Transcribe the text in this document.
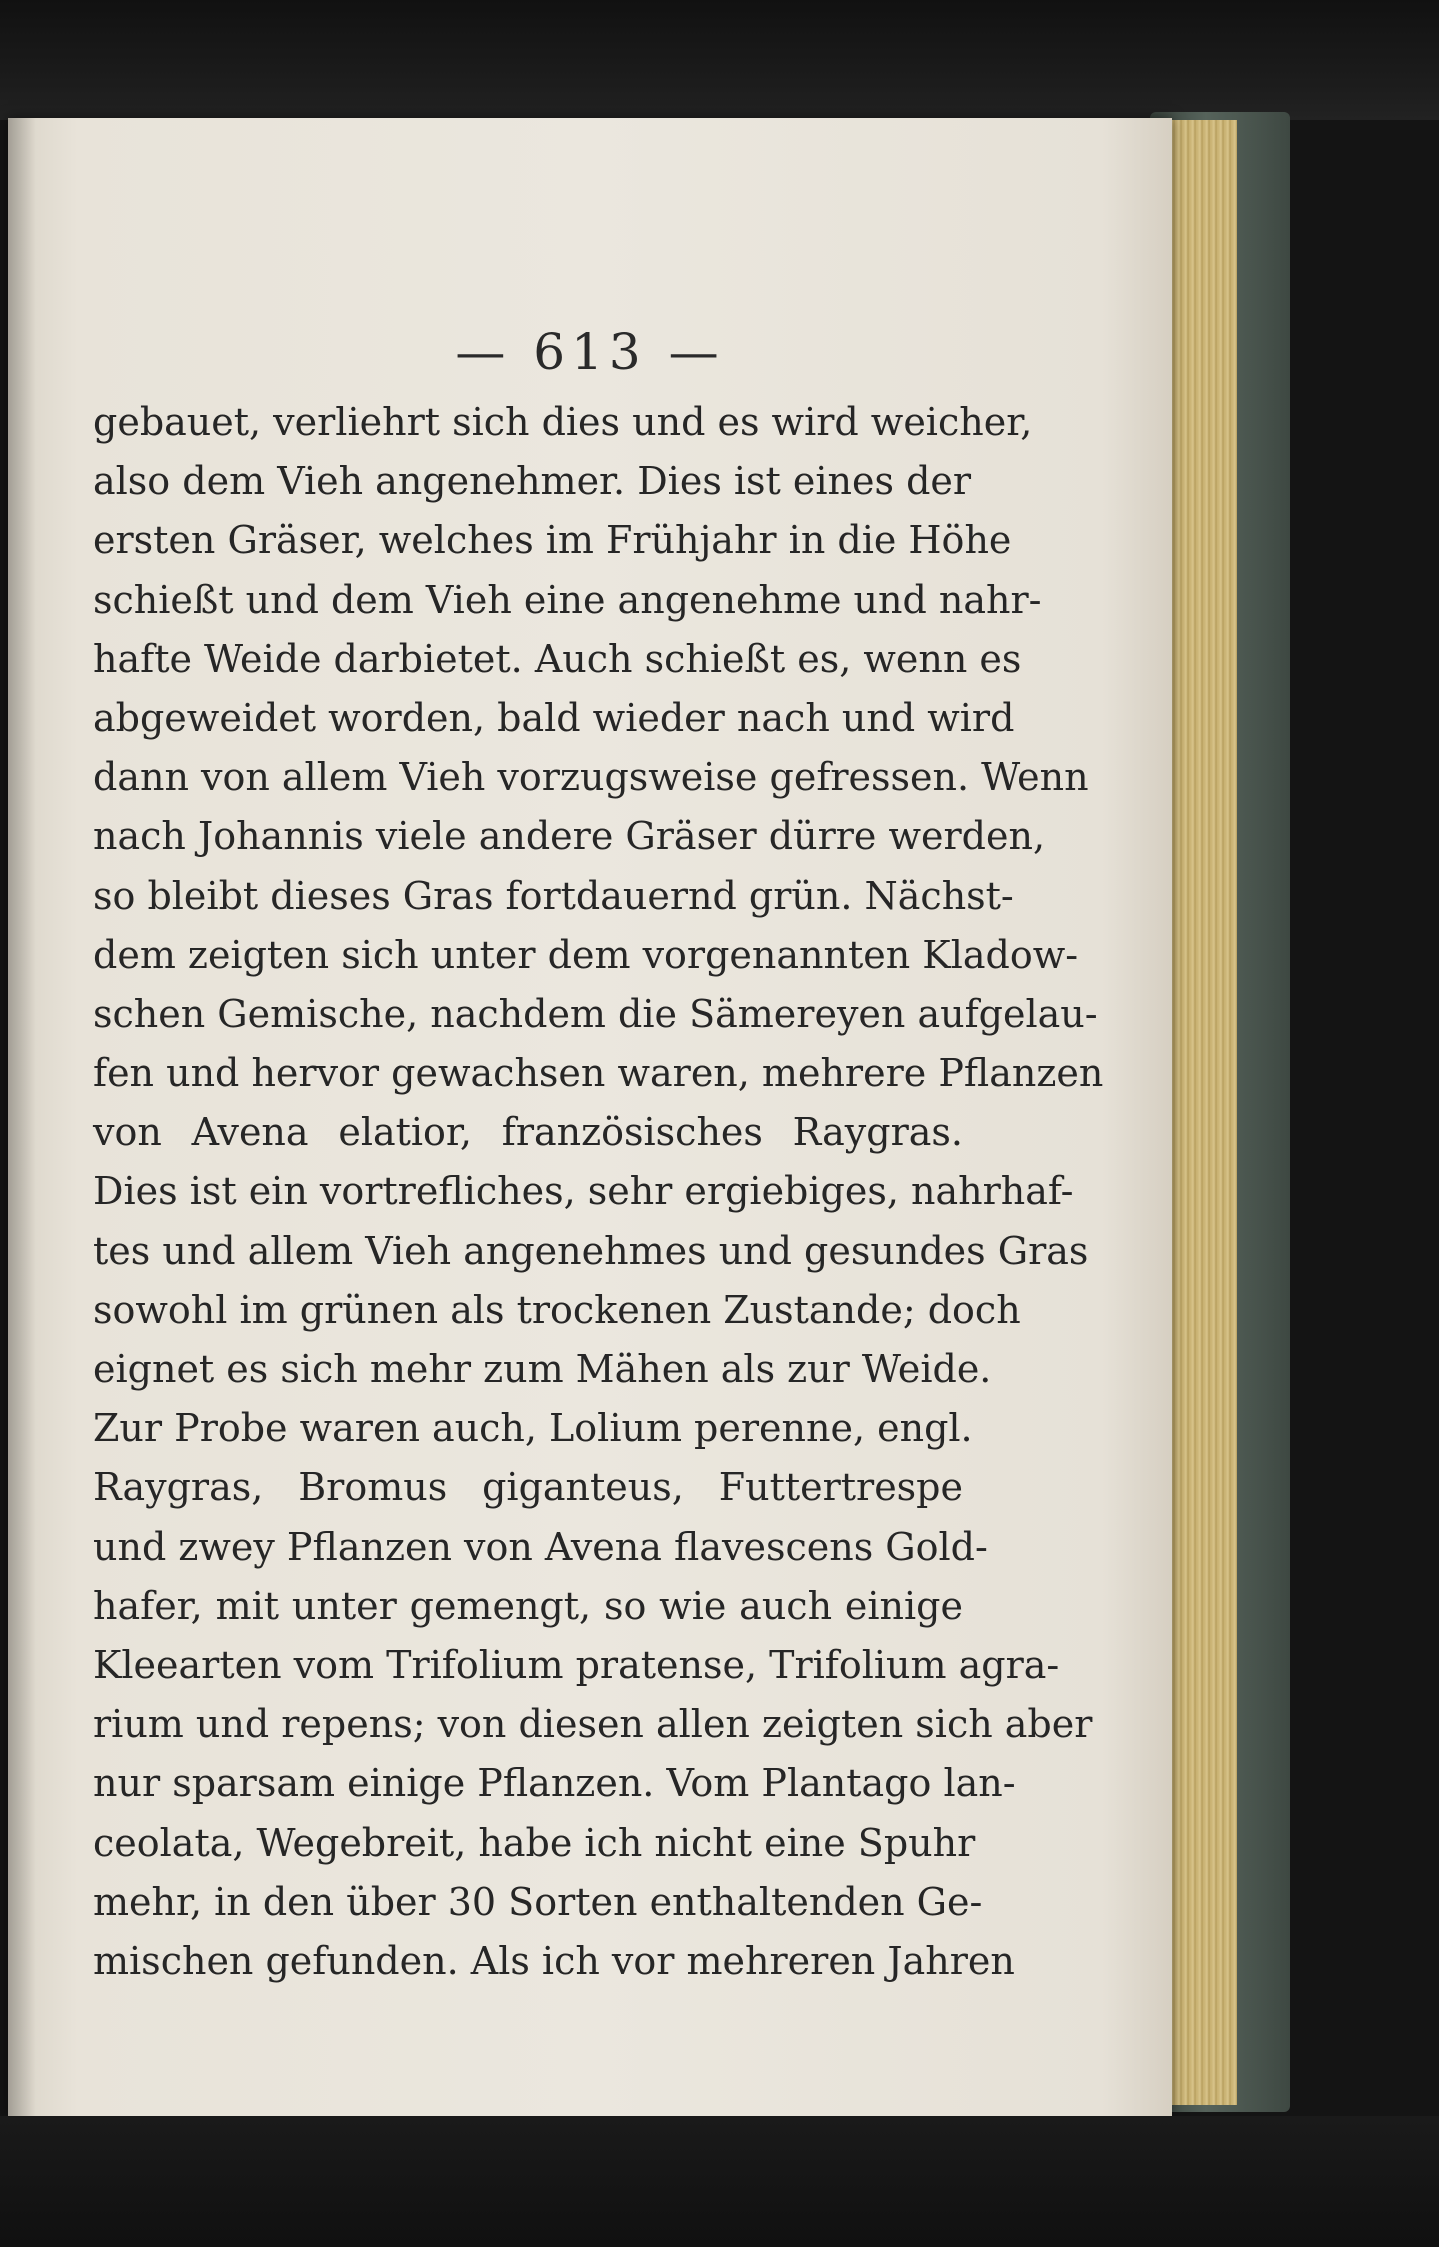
— 613 —
gebauet, verliehrt sich dies und es wird weicher,
also dem Vieh angenehmer. Dies ist eines der
ersten Gräser, welches im Frühjahr in die Höhe
schießt und dem Vieh eine angenehme und nahr-
hafte Weide darbietet. Auch schießt es, wenn es
abgeweidet worden, bald wieder nach und wird
dann von allem Vieh vorzugsweise gefressen. Wenn
nach Johannis viele andere Gräser dürre werden,
so bleibt dieses Gras fortdauernd grün. Nächst-
dem zeigten sich unter dem vorgenannten Kladow-
schen Gemische, nachdem die Sämereyen aufgelau-
fen und hervor gewachsen waren, mehrere Pflanzen
von Avena elatior, französisches Raygras.
Dies ist ein vortrefliches, sehr ergiebiges, nahrhaf-
tes und allem Vieh angenehmes und gesundes Gras
sowohl im grünen als trockenen Zustande; doch
eignet es sich mehr zum Mähen als zur Weide.
Zur Probe waren auch, Lolium perenne, engl.
Raygras, Bromus giganteus, Futtertrespe
und zwey Pflanzen von Avena flavescens Gold-
hafer, mit unter gemengt, so wie auch einige
Kleearten vom Trifolium pratense, Trifolium agra-
rium und repens; von diesen allen zeigten sich aber
nur sparsam einige Pflanzen. Vom Plantago lan-
ceolata, Wegebreit, habe ich nicht eine Spuhr
mehr, in den über 30 Sorten enthaltenden Ge-
mischen gefunden. Als ich vor mehreren Jahren
